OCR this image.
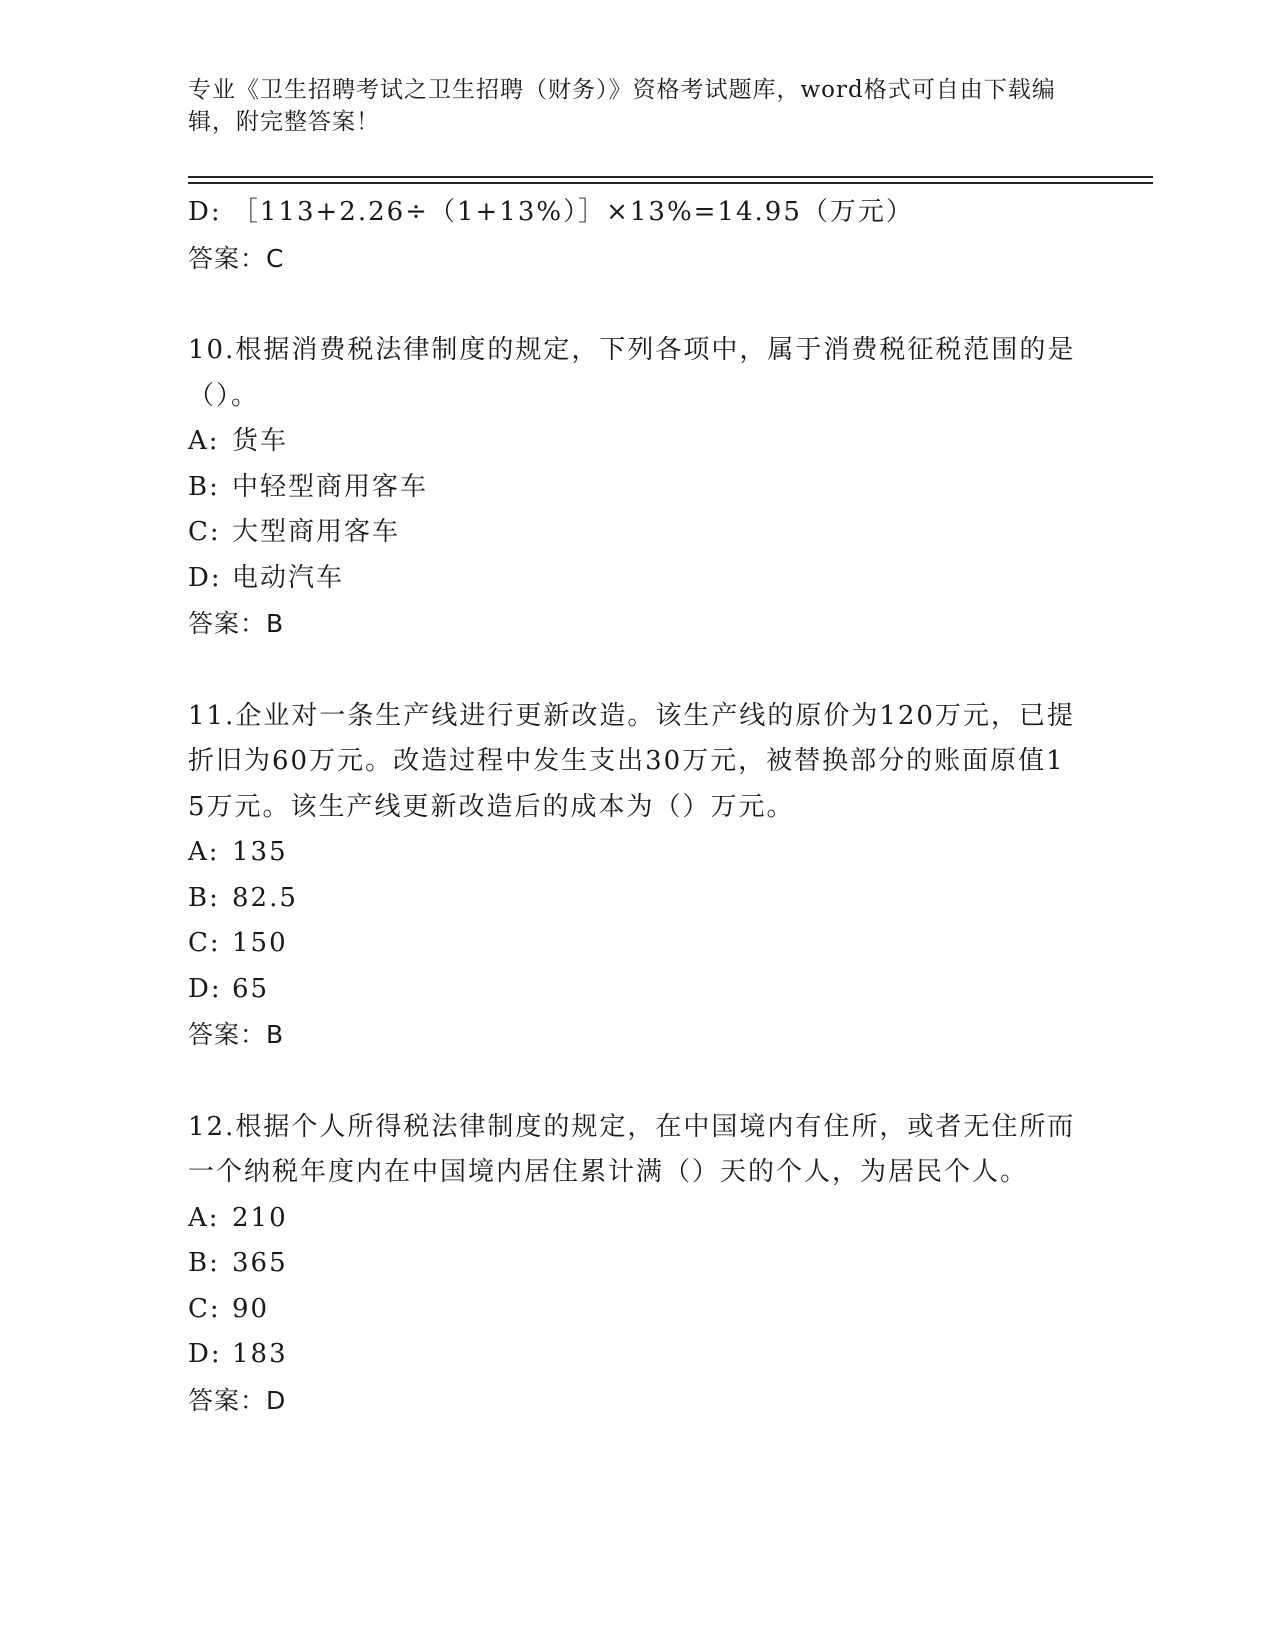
专业《卫生招聘考试之卫生招聘（财务）》资格考试题库，word格式可自由下载编辑，附完整答案！
D: ［113+2.26÷（1+13%）］×13%=14.95（万元）
答案：C
10.根据消费税法律制度的规定，下列各项中，属于消费税征税范围的是（）。
A: 货车
B: 中轻型商用客车
C: 大型商用客车
D: 电动汽车
答案：B
11.企业对一条生产线进行更新改造。该生产线的原价为120万元，已提折旧为60万元。改造过程中发生支出30万元，被替换部分的账面原值15万元。该生产线更新改造后的成本为（）万元。
A: 135
B: 82.5
C: 150
D: 65
答案：B
12.根据个人所得税法律制度的规定，在中国境内有住所，或者无住所而一个纳税年度内在中国境内居住累计满（）天的个人，为居民个人。
A: 210
B: 365
C: 90
D: 183
答案：D
